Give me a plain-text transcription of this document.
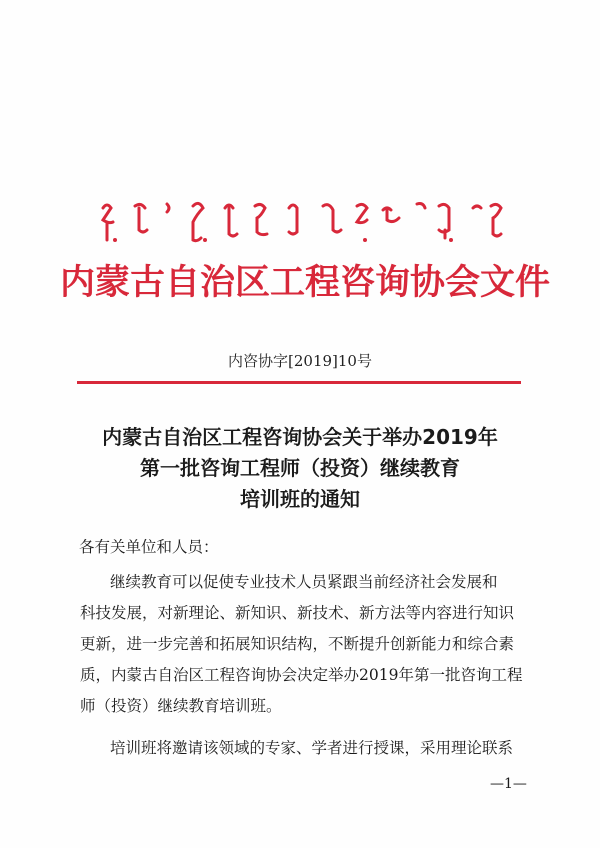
内蒙古自治区工程咨询协会文件
内咨协字[2019]10号
内蒙古自治区工程咨询协会关于举办2019年
第一批咨询工程师（投资）继续教育
培训班的通知
各有关单位和人员：
继续教育可以促使专业技术人员紧跟当前经济社会发展和
科技发展，对新理论、新知识、新技术、新方法等内容进行知识
更新，进一步完善和拓展知识结构，不断提升创新能力和综合素
质，内蒙古自治区工程咨询协会决定举办2019年第一批咨询工程
师（投资）继续教育培训班。
培训班将邀请该领域的专家、学者进行授课，采用理论联系
—1—
